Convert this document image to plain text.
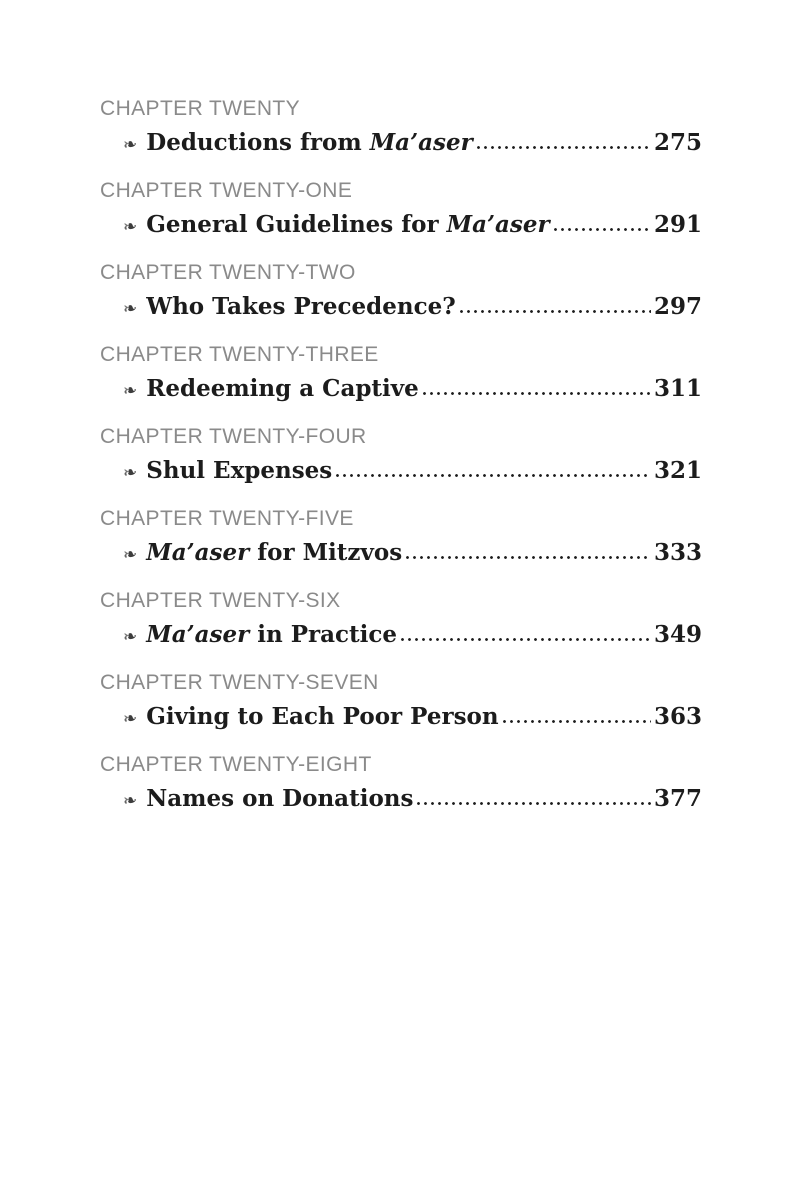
CHAPTER TWENTY
❧ Deductions from Ma’aser	275
CHAPTER TWENTY-ONE
❧ General Guidelines for Ma’aser	291
CHAPTER TWENTY-TWO
❧ Who Takes Precedence?	297
CHAPTER TWENTY-THREE
❧ Redeeming a Captive	311
CHAPTER TWENTY-FOUR
❧ Shul Expenses	321
CHAPTER TWENTY-FIVE
❧ Ma’aser for Mitzvos	333
CHAPTER TWENTY-SIX
❧ Ma’aser in Practice	349
CHAPTER TWENTY-SEVEN
❧ Giving to Each Poor Person	363
CHAPTER TWENTY-EIGHT
❧ Names on Donations	377
